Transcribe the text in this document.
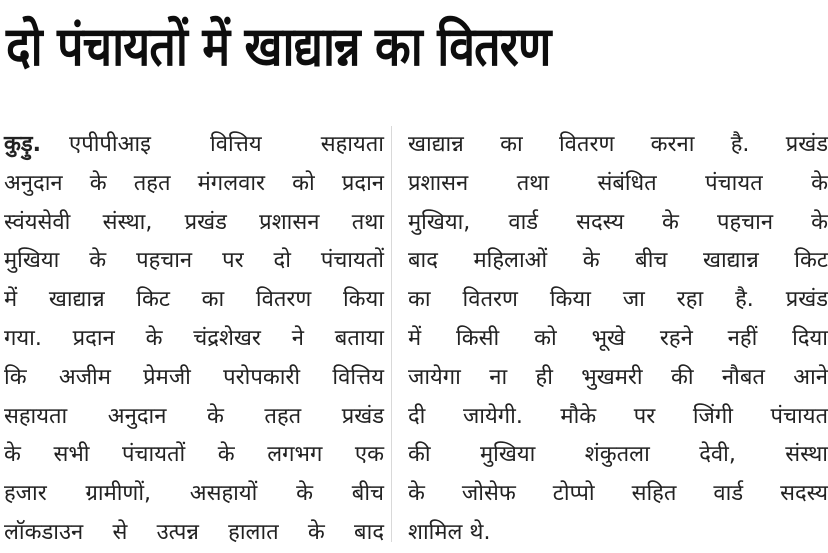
दो पंचायतों में खाद्यान्न का वितरण
कुड़ु. एपीपीआइ वित्तिय सहायता
अनुदान के तहत मंगलवार को प्रदान
स्वंयसेवी संस्था, प्रखंड प्रशासन तथा
मुखिया के पहचान पर दो पंचायतों
में खाद्यान्न किट का वितरण किया
गया. प्रदान के चंद्रशेखर ने बताया
कि अजीम प्रेमजी परोपकारी वित्तिय
सहायता अनुदान के तहत प्रखंड
के सभी पंचायतों के लगभग एक
हजार ग्रामीणों, असहायों के बीच
लॉकडाउन से उत्पन्न हालात के बाद
खाद्यान्न का वितरण करना है. प्रखंड
प्रशासन तथा संबंधित पंचायत के
मुखिया, वार्ड सदस्य के पहचान के
बाद महिलाओं के बीच खाद्यान्न किट
का वितरण किया जा रहा है. प्रखंड
में किसी को भूखे रहने नहीं दिया
जायेगा ना ही भुखमरी की नौबत आने
दी जायेगी. मौके पर जिंगी पंचायत
की मुखिया शंकुतला देवी, संस्था
के जोसेफ टोप्पो सहित वार्ड सदस्य
शामिल थे.
